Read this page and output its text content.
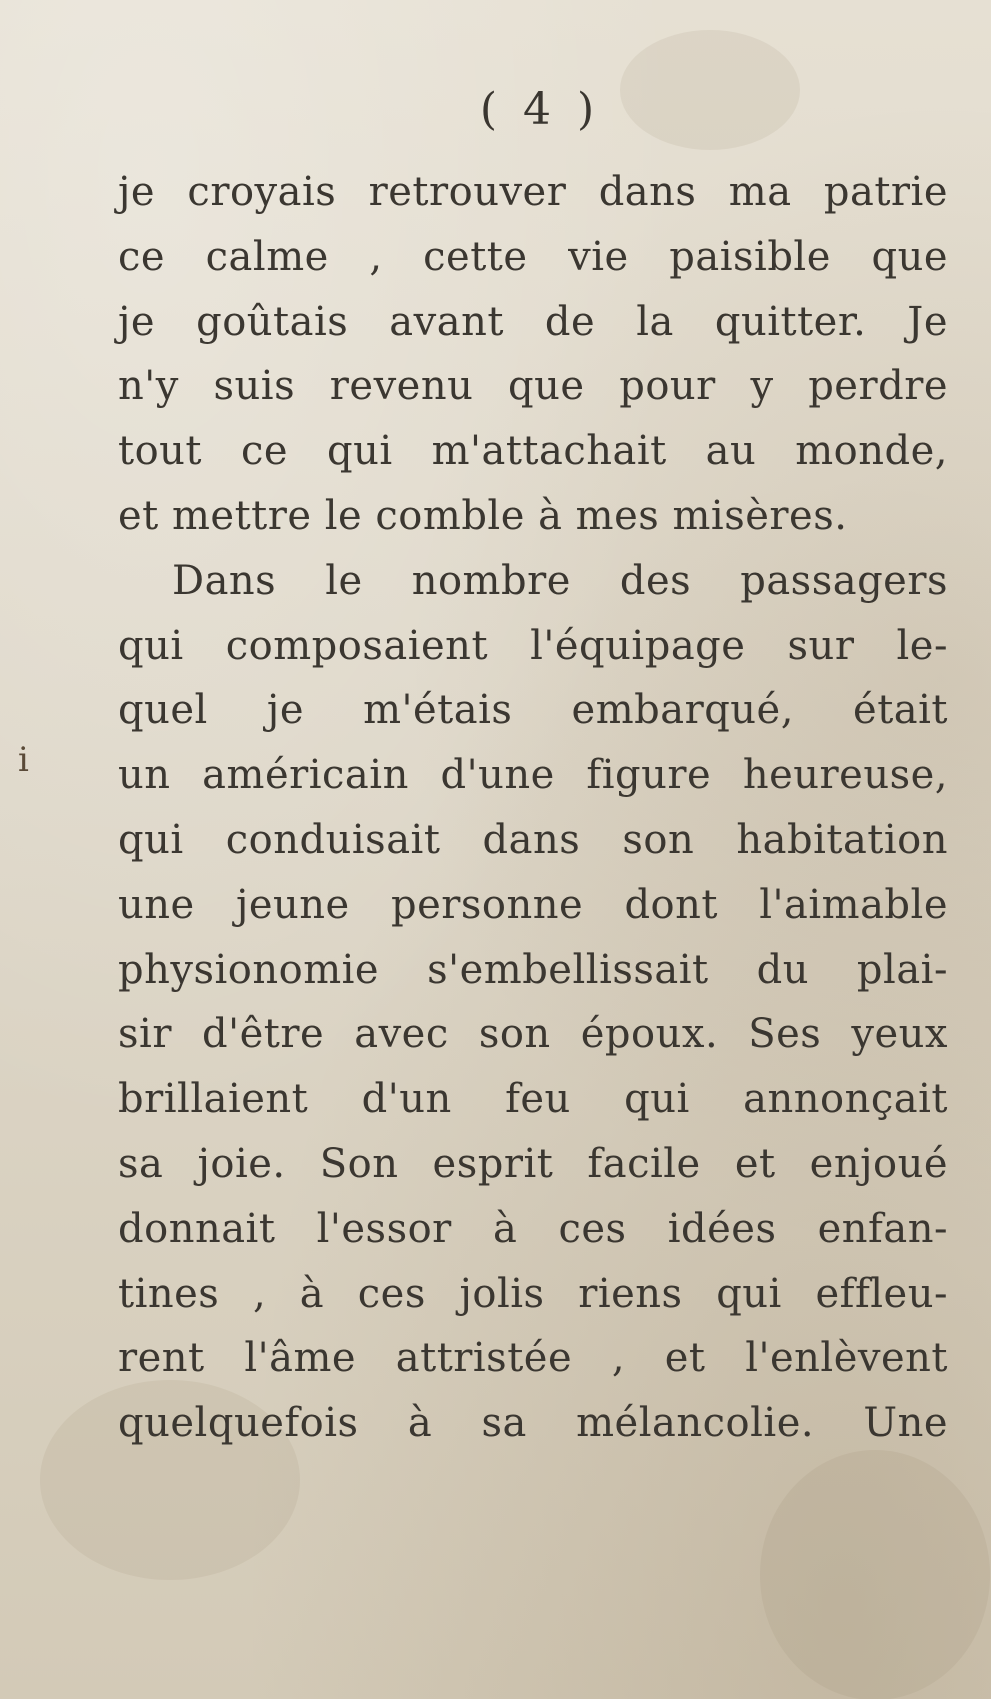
( 4 )
i
je croyais retrouver dans ma patrie
ce calme , cette vie paisible que
je goûtais avant de la quitter. Je
n'y suis revenu que pour y perdre
tout ce qui m'attachait au monde,
et mettre le comble à mes misères.
Dans le nombre des passagers
qui composaient l'équipage sur le-
quel je m'étais embarqué, était
un américain d'une figure heureuse,
qui conduisait dans son habitation
une jeune personne dont l'aimable
physionomie s'embellissait du plai-
sir d'être avec son époux. Ses yeux
brillaient d'un feu qui annonçait
sa joie. Son esprit facile et enjoué
donnait l'essor à ces idées enfan-
tines , à ces jolis riens qui effleu-
rent l'âme attristée , et l'enlèvent
quelquefois à sa mélancolie. Une
